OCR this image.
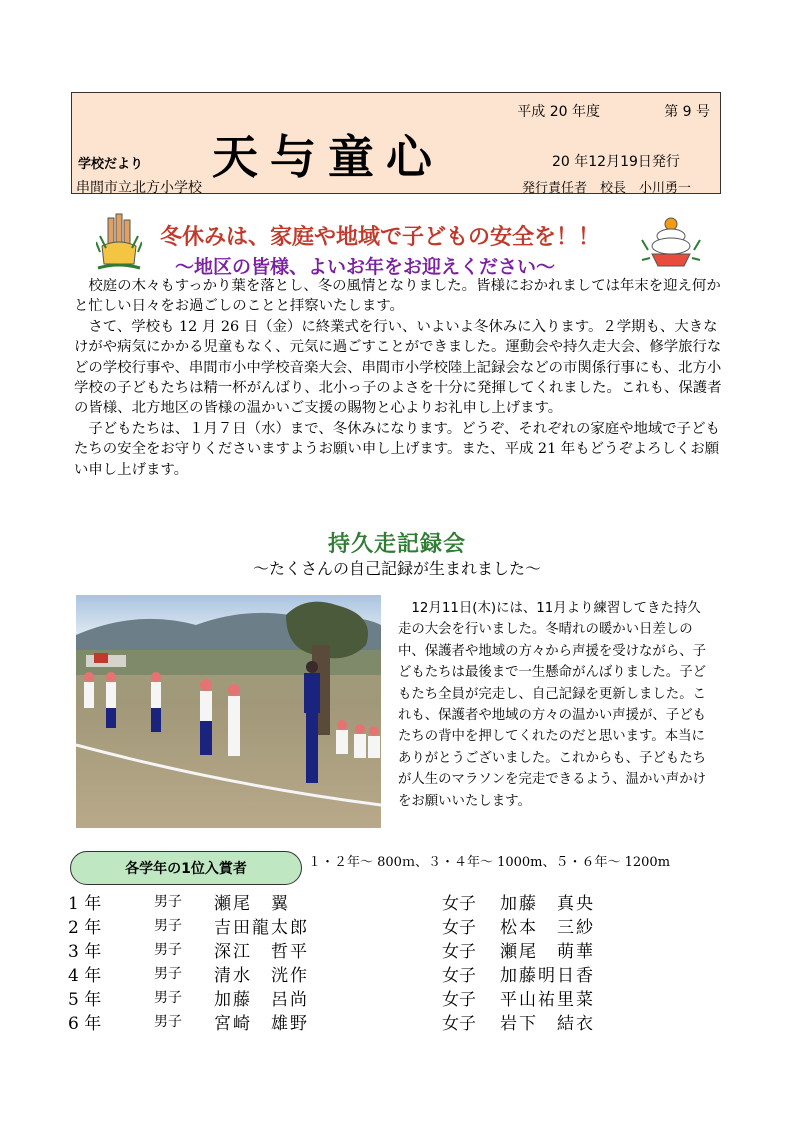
平成 20 年度	第 9 号
学校だより 天与童心	20 年12月19日発行
串間市立北方小学校	発行責任者　校長　小川勇一
冬休みは、家庭や地域で子どもの安全を！！
～地区の皆様、よいお年をお迎えください～

　校庭の木々もすっかり葉を落とし、冬の風情となりました。皆様におかれましては年末を迎え何かと忙しい日々をお過ごしのことと拝察いたします。

　さて、学校も 12 月 26 日（金）に終業式を行い、いよいよ冬休みに入ります。２学期も、大きなけがや病気にかかる児童もなく、元気に過ごすことができました。運動会や持久走大会、修学旅行などの学校行事や、串間市小中学校音楽大会、串間市小学校陸上記録会などの市関係行事にも、北方小学校の子どもたちは精一杯がんばり、北小っ子のよさを十分に発揮してくれました。これも、保護者の皆様、北方地区の皆様の温かいご支援の賜物と心よりお礼申し上げます。

　子どもたちは、１月７日（水）まで、冬休みになります。どうぞ、それぞれの家庭や地域で子どもたちの安全をお守りくださいますようお願い申し上げます。また、平成 21 年もどうぞよろしくお願い申し上げます。

持久走記録会
～たくさんの自己記録が生まれました～
　12月11日(木)には、11月より練習してきた持久走の大会を行いました。冬晴れの暖かい日差しの中、保護者や地域の方々から声援を受けながら、子どもたちは最後まで一生懸命がんばりました。子どもたち全員が完走し、自己記録を更新しました。これも、保護者や地域の方々の温かい声援が、子どもたちの背中を押してくれたのだと思います。本当にありがとうございました。これからも、子どもたちが人生のマラソンを完走できるよう、温かい声かけをお願いいたします。
各学年の1位入賞者	１・２年～ 800ｍ、３・４年～ 1000m、５・６年～ 1200m
1 年	男子 瀬尾　翼	女子 加藤　真央
2 年	男子 吉田龍太郎	女子 松本　三紗
3 年	男子 深江　哲平	女子 瀬尾　萌華
4 年	男子 清水　洸作	女子 加藤明日香
5 年	男子 加藤　呂尚	女子 平山祐里菜
6 年	男子 宮崎　雄野	女子 岩下　結衣
